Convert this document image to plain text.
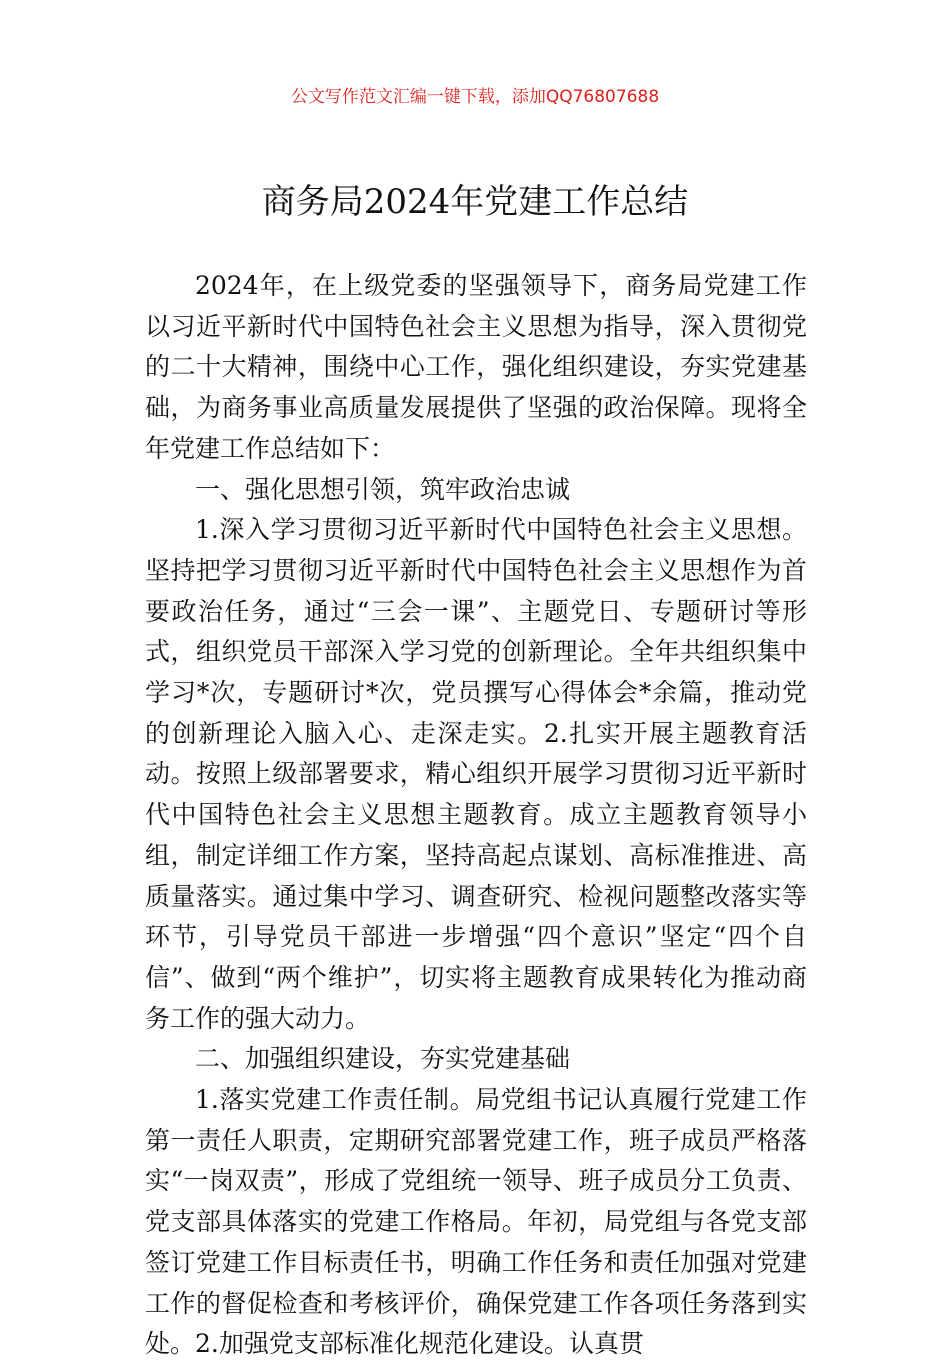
公文写作范文汇编一键下载，添加QQ76807688
商务局2024年党建工作总结

2024年，在上级党委的坚强领导下，商务局党建工作以习近平新时代中国特色社会主义思想为指导，深入贯彻党的二十大精神，围绕中心工作，强化组织建设，夯实党建基础，为商务事业高质量发展提供了坚强的政治保障。现将全年党建工作总结如下：

一、强化思想引领，筑牢政治忠诚

1.深入学习贯彻习近平新时代中国特色社会主义思想。坚持把学习贯彻习近平新时代中国特色社会主义思想作为首要政治任务，通过“三会一课”、主题党日、专题研讨等形式，组织党员干部深入学习党的创新理论。全年共组织集中学习*次，专题研讨*次，党员撰写心得体会*余篇，推动党的创新理论入脑入心、走深走实。2.扎实开展主题教育活动。按照上级部署要求，精心组织开展学习贯彻习近平新时代中国特色社会主义思想主题教育。成立主题教育领导小组，制定详细工作方案，坚持高起点谋划、高标准推进、高质量落实。通过集中学习、调查研究、检视问题整改落实等环节，引导党员干部进一步增强“四个意识”坚定“四个自信”、做到“两个维护”，切实将主题教育成果转化为推动商务工作的强大动力。

二、加强组织建设，夯实党建基础

1.落实党建工作责任制。局党组书记认真履行党建工作第一责任人职责，定期研究部署党建工作，班子成员严格落实“一岗双责”，形成了党组统一领导、班子成员分工负责、党支部具体落实的党建工作格局。年初，局党组与各党支部签订党建工作目标责任书，明确工作任务和责任加强对党建工作的督促检查和考核评价，确保党建工作各项任务落到实处。2.加强党支部标准化规范化建设。认真贯
